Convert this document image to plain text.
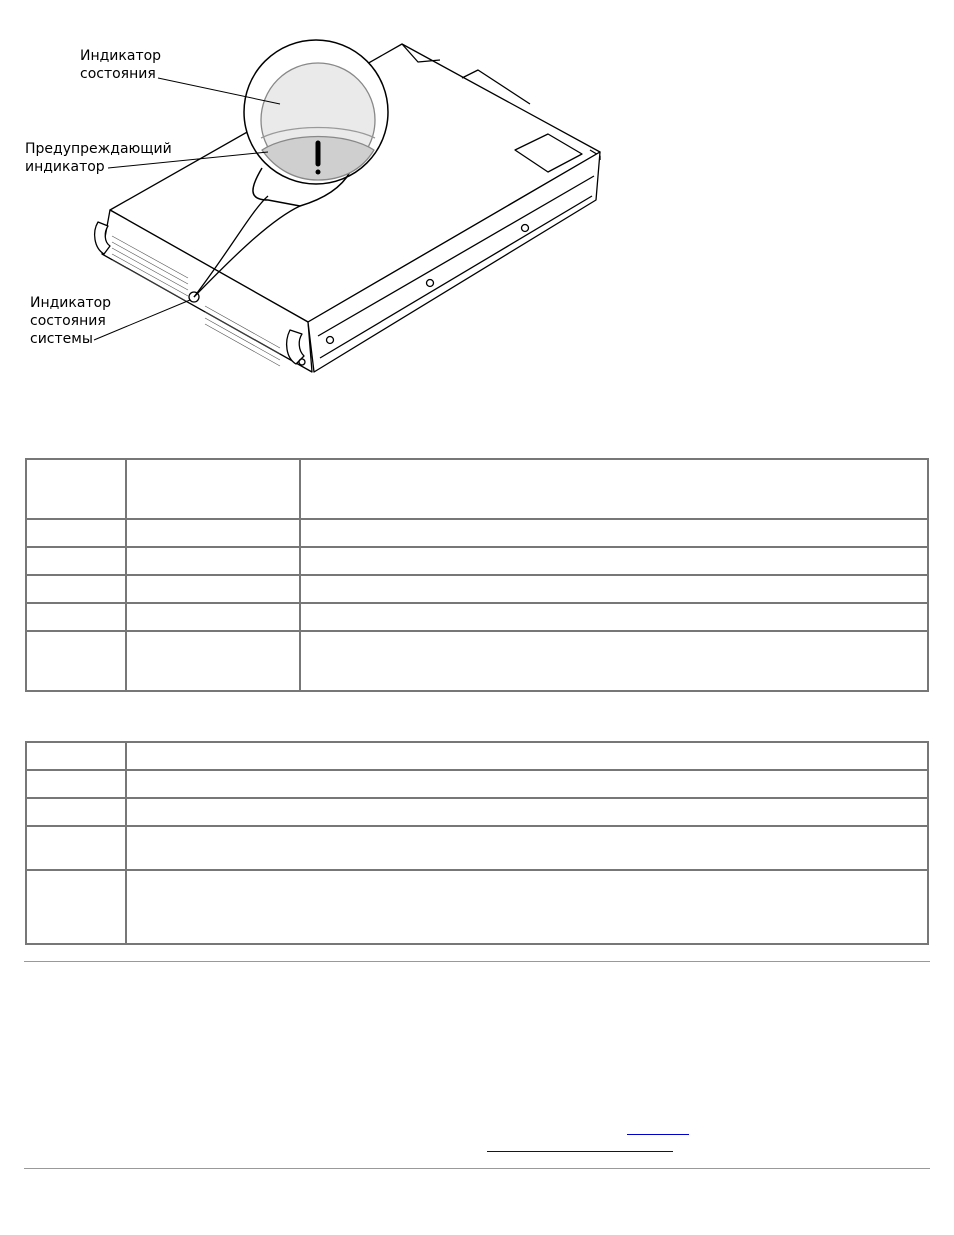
Индикатор
состояния
Предупреждающий
индикатор
Индикатор
состояния
системы
